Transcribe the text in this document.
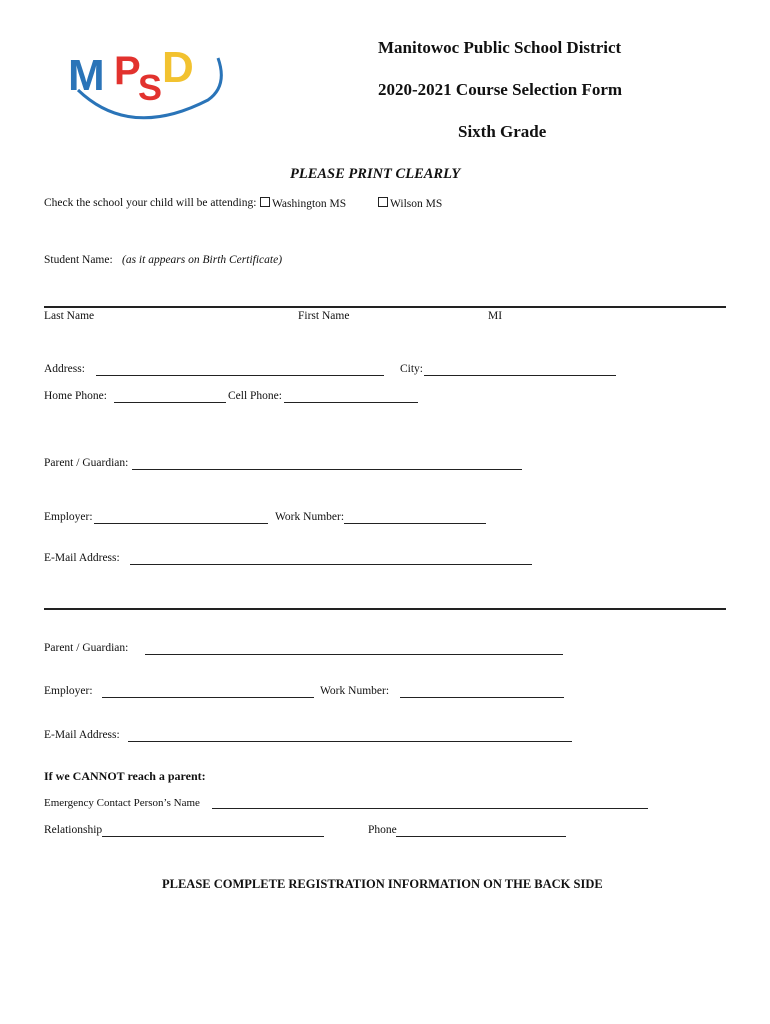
M P
S D	Manitowoc Public School District
2020-2021 Course Selection Form
Sixth Grade
PLEASE PRINT CLEARLY
Check the school your child will be attending:	Washington MS	Wilson MS
Student Name: (as it appears on Birth Certificate)
Last Name	First Name	MI
Address:	City:
Home Phone:	Cell Phone:
Parent / Guardian:
Employer:	Work Number:
E-Mail Address:
Parent / Guardian:
Employer:	Work Number:
E-Mail Address:
If we CANNOT reach a parent:
Emergency Contact Person’s Name
Relationship	Phone
PLEASE COMPLETE REGISTRATION INFORMATION ON THE BACK SIDE
